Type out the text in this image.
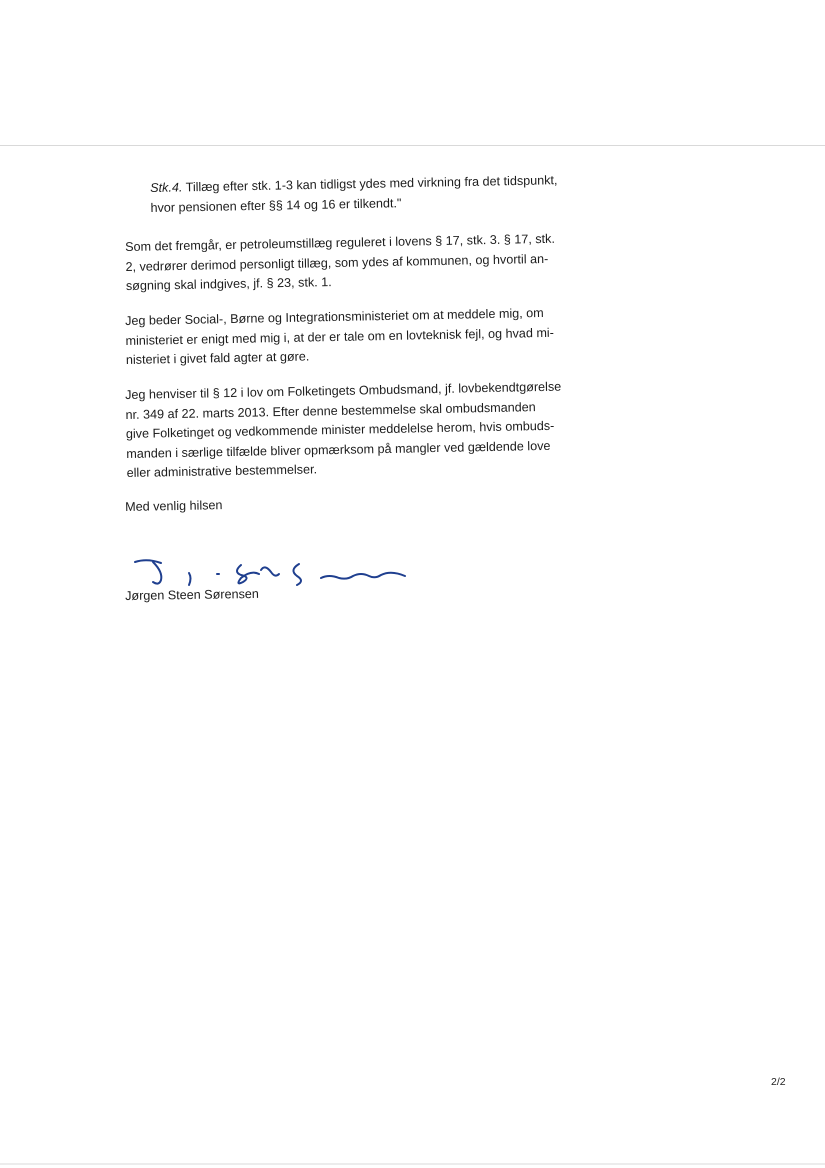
Stk.4. Tillæg efter stk. 1-3 kan tidligst ydes med virkning fra det tidspunkt,
hvor pensionen efter §§ 14 og 16 er tilkendt."
Som det fremgår, er petroleumstillæg reguleret i lovens § 17, stk. 3. § 17, stk.
2, vedrører derimod personligt tillæg, som ydes af kommunen, og hvortil an-
søgning skal indgives, jf. § 23, stk. 1.
Jeg beder Social-, Børne og Integrationsministeriet om at meddele mig, om
ministeriet er enigt med mig i, at der er tale om en lovteknisk fejl, og hvad mi-
nisteriet i givet fald agter at gøre.
Jeg henviser til § 12 i lov om Folketingets Ombudsmand, jf. lovbekendtgørelse
nr. 349 af 22. marts 2013. Efter denne bestemmelse skal ombudsmanden
give Folketinget og vedkommende minister meddelelse herom, hvis ombuds-
manden i særlige tilfælde bliver opmærksom på mangler ved gældende love
eller administrative bestemmelser.
Med venlig hilsen
Jørgen Steen Sørensen
2/2
